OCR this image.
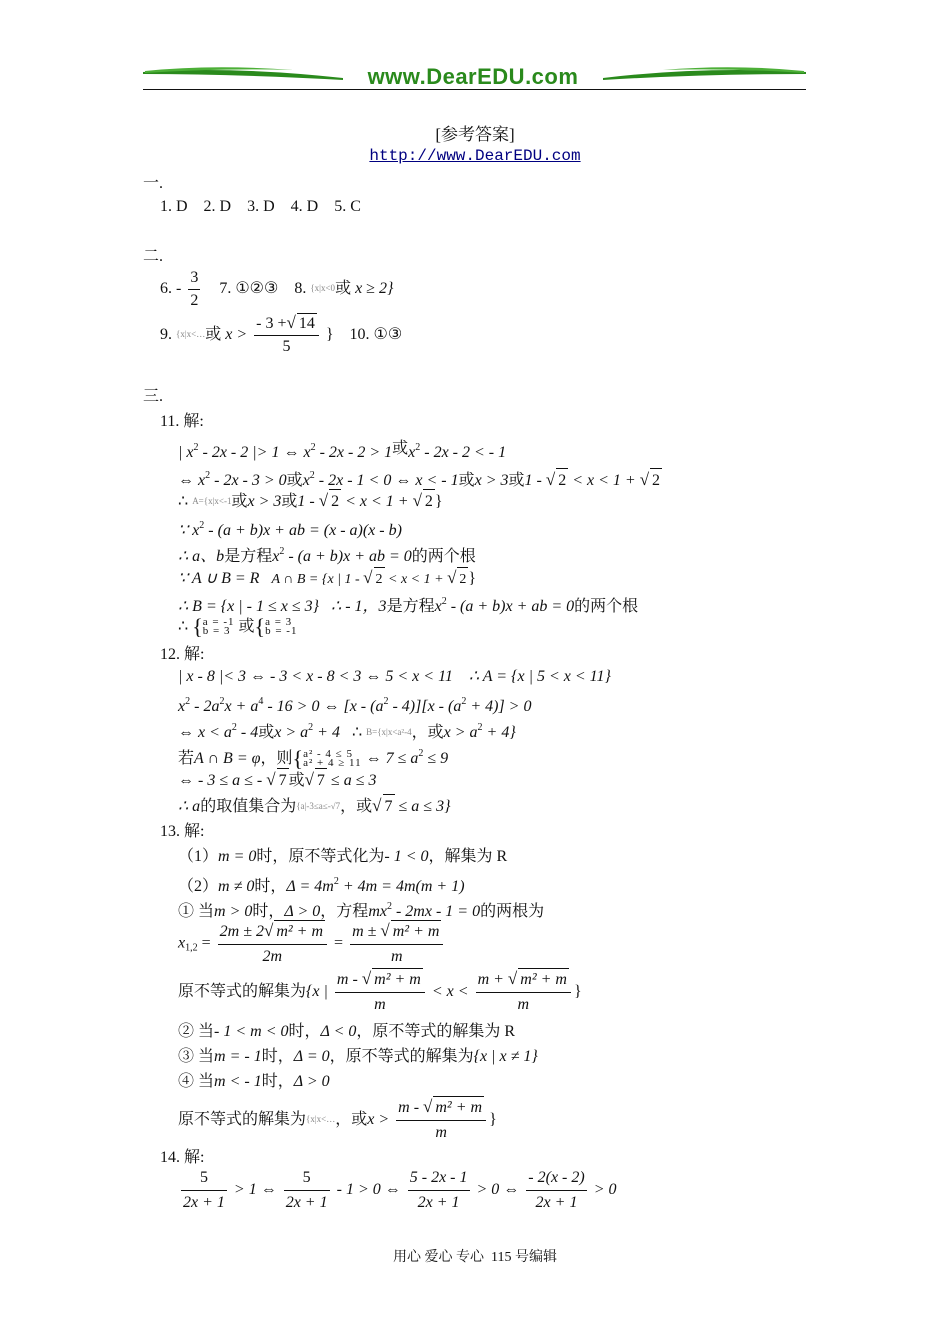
www.DearEDU.com
[参考答案]
http://www.DearEDU.com
一.
1. D    2. D    3. D    4. D    5. C
二.
6. - $\frac{3}{2} 7$. ①②③ 8. {x|x<0或 x ≥ 2}
9. {x|x<…或 $x > \frac{- 3 +√ 14}{5}$ } 10. ①③
三.
11. 解:
| $x^2 - 2x - 2$ |> 1 ⇔ $x^2 - 2x - 2 > 1$或$x^2 - 2x - 2$ < - 1
⇔ $x^2 - 2x - 3 > 0$或$x^2 - 2x - 1 < 0$ ⇔ x < - 1或x > 3或1 - √ 2 < x < 1 + √ 2
∴ A={x|x<-1或x > 3或1 - √ 2 < x < 1 + √ 2 }
∵ $x^2 - (a + b)x$ + ab = (x - a)(x - b)
∴ a、b是方程$x^2 - (a + b)x$ + ab = 0的两个根
∵ A ∪ B = R A ∩ B = {x | 1 - √ 2 < x < 1 + √ 2 }
∴ B = {x | - 1 ≤ x ≤ 3} ∴ - 1，3是方程$x^2 - (a + b)x$ + ab = 0的两个根
∴ { a = -1
b = 3 或{ a = 3
b = -1
12. 解:
| x - 8 |< 3 ⇔ - 3 < x - 8 < 3 ⇔ 5 < x < 11 ∴ A = {x | 5 < x < 11}
$x^2 - 2a^2x + a^4 - 16 > 0$ ⇔ $[x - (a^2 - 4)][x - (a^2 + 4)] > 0$
⇔ $x < a^2 - 4$或$x > a^2 + 4$ ∴ B={x|x<a²-4，或$x > a^2 + 4$}
若A ∩ B = φ，则{ a² - 4 ≤ 5
a² + 4 ≥ 11 ⇔ $7 \le a^2 \le 9$
⇔ - 3 ≤ a ≤ - √ 7 或√ 7 ≤ a ≤ 3
∴ a的取值集合为{a|-3≤a≤-√7，或√ 7 ≤ a ≤ 3}
13. 解:
（1）m = 0时，原不等式化为- 1 < 0，解集为 R
（2）m ≠ 0时，$\Delta = 4m^2 + 4m = 4m(m + 1)$
① 当m > 0时，Δ > 0，方程$mx^2 - 2mx - 1 = 0$的两根为
$x_{1,2} = \frac{\text{2m ± 2√ m² + m}}{2m} = \frac{\text{m ± √ m² + m}}{m}$
原不等式的解集为{x | $\frac{\text{m - √ m² + m}}{m} < x < \frac{\text{m + √ m² + m}}{m}$ }
② 当- 1 < m < 0时，Δ < 0，原不等式的解集为 R
③ 当m = - 1时，Δ = 0，原不等式的解集为{x | x ≠ 1}
④ 当m < - 1时，Δ > 0
原不等式的解集为{x|x<…，或$x > \frac{\text{m - √ m² + m}}{m}$ }
14. 解:
$\frac{5}{2x + 1} > 1$ ⇔ $\frac{5}{2x + 1} - 1 > 0$ ⇔ $\frac{5 - 2x - 1}{2x + 1} > 0$ ⇔ $\frac{- 2(x - 2)}{2x + 1} > 0$
用心 爱心 专心  115 号编辑
